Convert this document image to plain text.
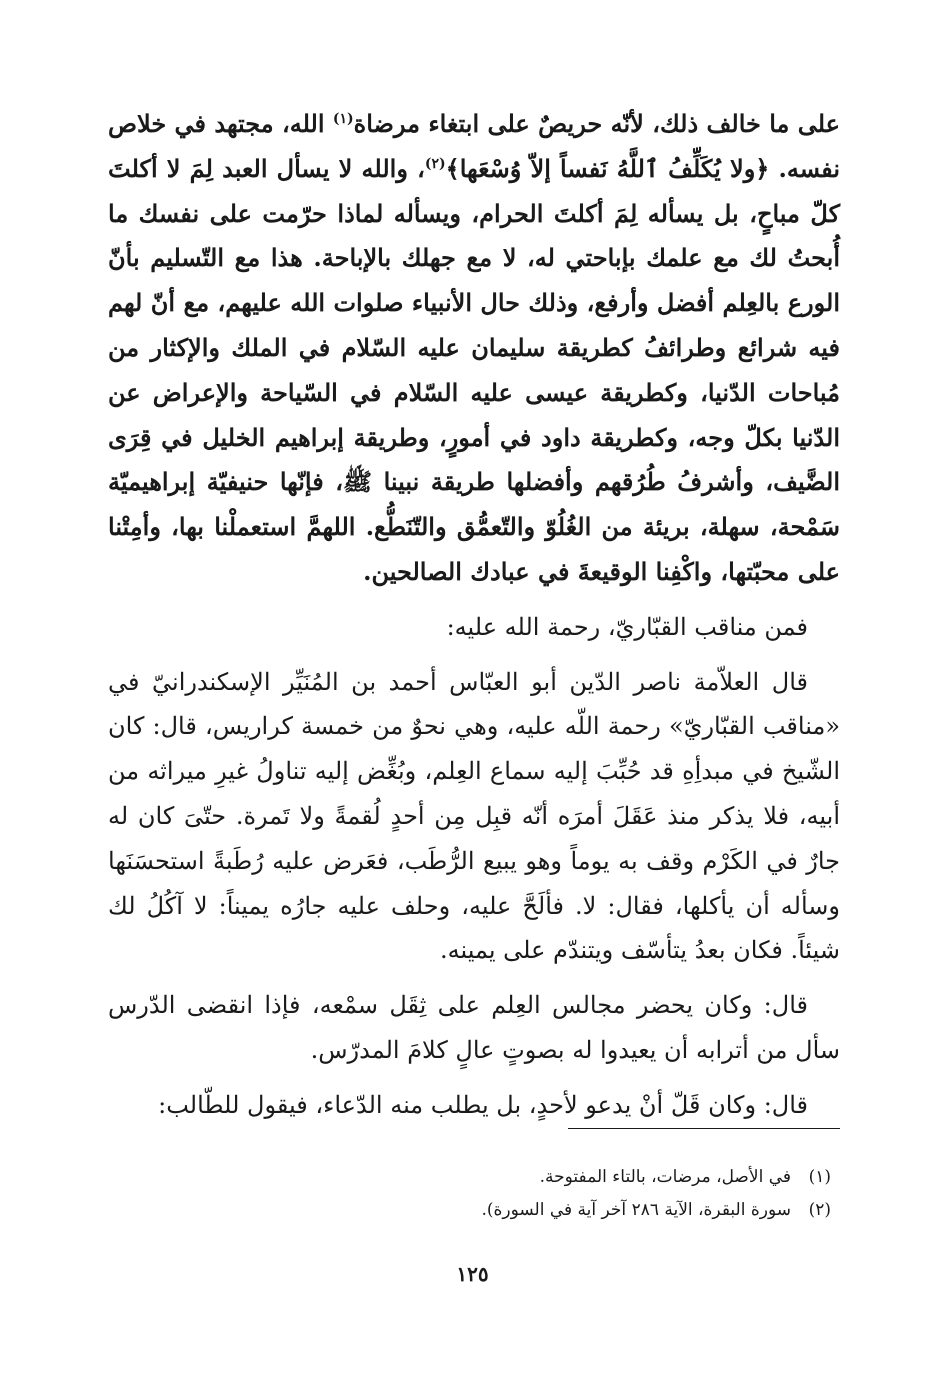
على ما خالف ذلك، لأنّه حريصٌ على ابتغاء مرضاة$^{(١)}$ الله، مجتهد في خلاص نفسه. ﴿ولا يُكَلِّفُ ٱللَّهُ نَفساً إلاّ وُسْعَها﴾$^{(٢)}$، والله لا يسأل العبد لِمَ لا أكلتَ كلّ مباحٍ، بل يسأله لِمَ أكلتَ الحرام، ويسأله لماذا حرّمت على نفسك ما أُبحتُ لك مع علمك بإباحتي له، لا مع جهلك بالإباحة. هذا مع التّسليم بأنّ الورع بالعِلم أفضل وأرفع، وذلك حال الأنبياء صلوات الله عليهم، مع أنّ لهم فيه شرائع وطرائفُ كطريقة سليمان عليه السّلام في الملك والإكثار من مُباحات الدّنيا، وكطريقة عيسى عليه السّلام في السّياحة والإعراض عن الدّنيا بكلّ وجه، وكطريقة داود في أمورٍ، وطريقة إبراهيم الخليل في قِرَى الضَّيف، وأشرفُ طُرُقهم وأفضلها طريقة نبينا ﷺ، فإنّها حنيفيّة إبراهيميّة سَمْحة، سهلة، بريئة من الغُلُوّ والتّعمُّق والتّنَطُّع. اللهمَّ استعملْنا بها، وأمِتْنا على محبّتها، واكْفِنا الوقيعةَ في عبادك الصالحين.

فمن مناقب القبّاريّ، رحمة الله عليه:

قال العلاّمة ناصر الدّين أبو العبّاس أحمد بن المُنَيِّر الإسكندرانيّ في «مناقب القبّاريّ» رحمة اللّه عليه، وهي نحوٌ من خمسة كراريس، قال: كان الشّيخ في مبدأِهِ قد حُبِّبَ إليه سماع العِلم، وبُغِّض إليه تناولُ غيرِ ميراثه من أبيه، فلا يذكر منذ عَقَلَ أمرَه أنّه قبِل مِن أحدٍ لُقمةً ولا تَمرة. حتّىَ كان له جارٌ في الكَرْم وقف به يوماً وهو يبيع الرُّطَب، فعَرض عليه رُطَبةً استحسَنَها وسأله أن يأكلها، فقال: لا. فألَحَّ عليه، وحلف عليه جارُه يميناً: لا آكُلُ لك شيئاً. فكان بعدُ يتأسّف ويتندّم على يمينه.

قال: وكان يحضر مجالس العِلم على ثِقَل سمْعه، فإذا انقضى الدّرس سأل من أترابه أن يعيدوا له بصوتٍ عالٍ كلامَ المدرّس.

قال: وكان قَلّ أنْ يدعو لأحدٍ، بل يطلب منه الدّعاء، فيقول للطّالب:

(١)في الأصل، مرضات، بالتاء المفتوحة.
(٢)سورة البقرة، الآية ٢٨٦ آخر آية في السورة).
١٢٥
